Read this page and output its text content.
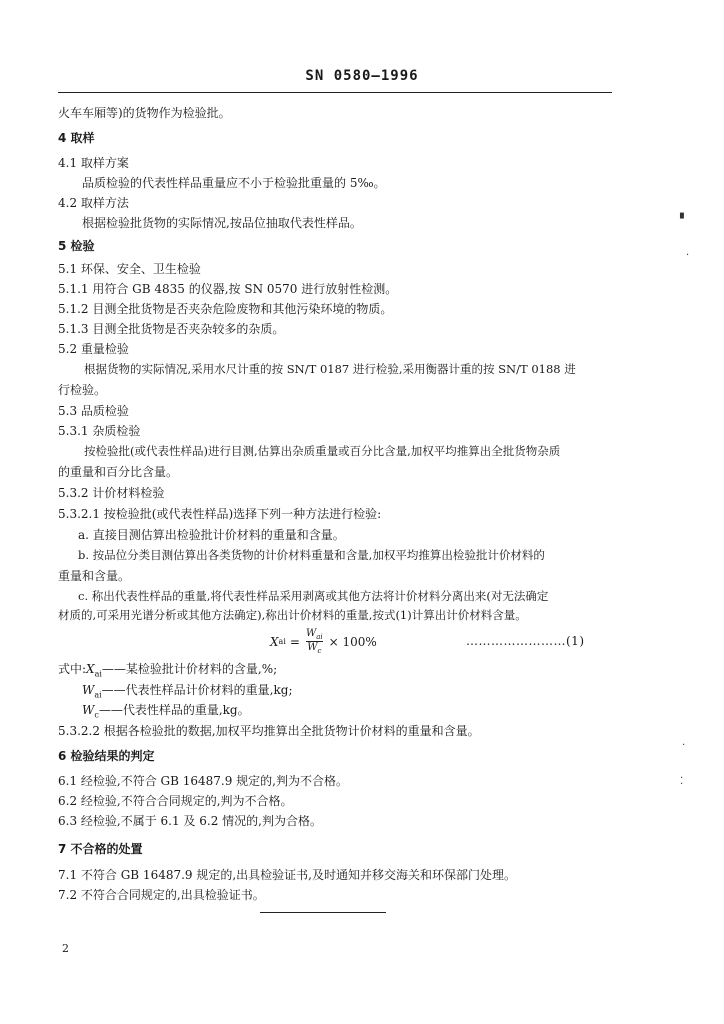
SN 0580—1996
火车车厢等)的货物作为检验批。
4 取样
4.1 取样方案
品质检验的代表性样品重量应不小于检验批重量的 5‰。
4.2 取样方法
根据检验批货物的实际情况,按品位抽取代表性样品。
5 检验
5.1 环保、安全、卫生检验
5.1.1 用符合 GB 4835 的仪器,按 SN 0570 进行放射性检测。
5.1.2 目测全批货物是否夹杂危险废物和其他污染环境的物质。
5.1.3 目测全批货物是否夹杂较多的杂质。
5.2 重量检验
根据货物的实际情况,采用水尺计重的按 SN/T 0187 进行检验,采用衡器计重的按 SN/T 0188 进
行检验。
5.3 品质检验
5.3.1 杂质检验
按检验批(或代表性样品)进行目测,估算出杂质重量或百分比含量,加权平均推算出全批货物杂质
的重量和百分比含量。
5.3.2 计价材料检验
5.3.2.1 按检验批(或代表性样品)选择下列一种方法进行检验:
a. 直接目测估算出检验批计价材料的重量和含量。
b. 按品位分类目测估算出各类货物的计价材料重量和含量,加权平均推算出检验批计价材料的
重量和含量。
c. 称出代表性样品的重量,将代表性样品采用剥离或其他方法将计价材料分离出来(对无法确定
材质的,可采用光谱分析或其他方法确定),称出计价材料的重量,按式(1)计算出计价材料含量。
X ai = $\frac{W_{ai}}{W_c} \times 100\%$	……………………(1)
式中$:X_{ai}——$某检验批计价材料的含量,%;
$W_{ai}——$代表性样品计价材料的重量,kg;
$W_c——$代表性样品的重量,kg。
5.3.2.2 根据各检验批的数据,加权平均推算出全批货物计价材料的重量和含量。
6 检验结果的判定
6.1 经检验,不符合 GB 16487.9 规定的,判为不合格。
6.2 经检验,不符合合同规定的,判为不合格。
6.3 经检验,不属于 6.1 及 6.2 情况的,判为合格。
7 不合格的处置
7.1 不符合 GB 16487.9 规定的,出具检验证书,及时通知并移交海关和环保部门处理。
7.2 不符合合同规定的,出具检验证书。
2
▘
·
·
⁚
